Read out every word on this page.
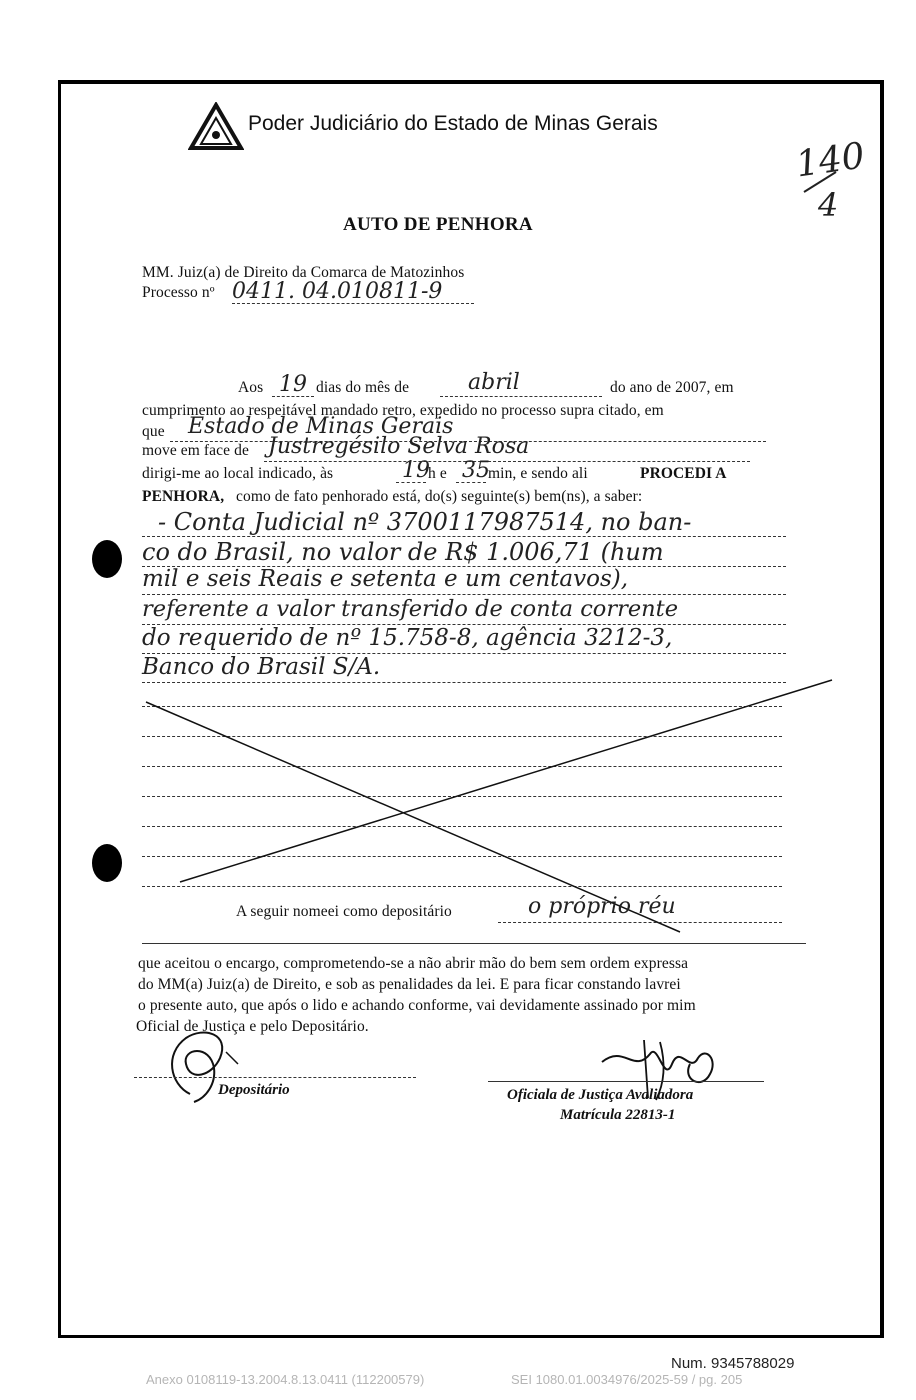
Poder Judiciário do Estado de Minas Gerais
140
4
AUTO DE PENHORA
MM. Juiz(a) de Direito da Comarca de Matozinhos
Processo nº 0411. 04.010811-9
Aos 19 dias do mês de	abril	do ano de 2007, em
cumprimento ao respeitável mandado retro, expedido no processo supra citado, em
que Estado de Minas Gerais
move em face de Justregésilo Selva Rosa
dirigi-me ao local indicado, às	19
h e 35
min, e sendo ali	PROCEDI A
PENHORA, como de fato penhorado está, do(s) seguinte(s) bem(ns), a saber:
- Conta Judicial nº 3700117987514, no ban-
co do Brasil, no valor de R$ 1.006,71 (hum
mil e seis Reais e setenta e um centavos),
referente a valor transferido de conta corrente
do requerido de nº 15.758-8, agência 3212-3,
Banco do Brasil S/A.
A seguir nomeei como depositário	o próprio réu
que aceitou o encargo, comprometendo-se a não abrir mão do bem sem ordem expressa
do MM(a) Juiz(a) de Direito, e sob as penalidades da lei. E para ficar constando lavrei
o presente auto, que após o lido e achando conforme, vai devidamente assinado por mim
Oficial de Justiça e pelo Depositário.
Depositário	Oficiala de Justiça Avaliadora
Matrícula 22813-1
Num. 9345788029
Anexo 0108119-13.2004.8.13.0411 (112200579)	SEI 1080.01.0034976/2025-59 / pg. 205
